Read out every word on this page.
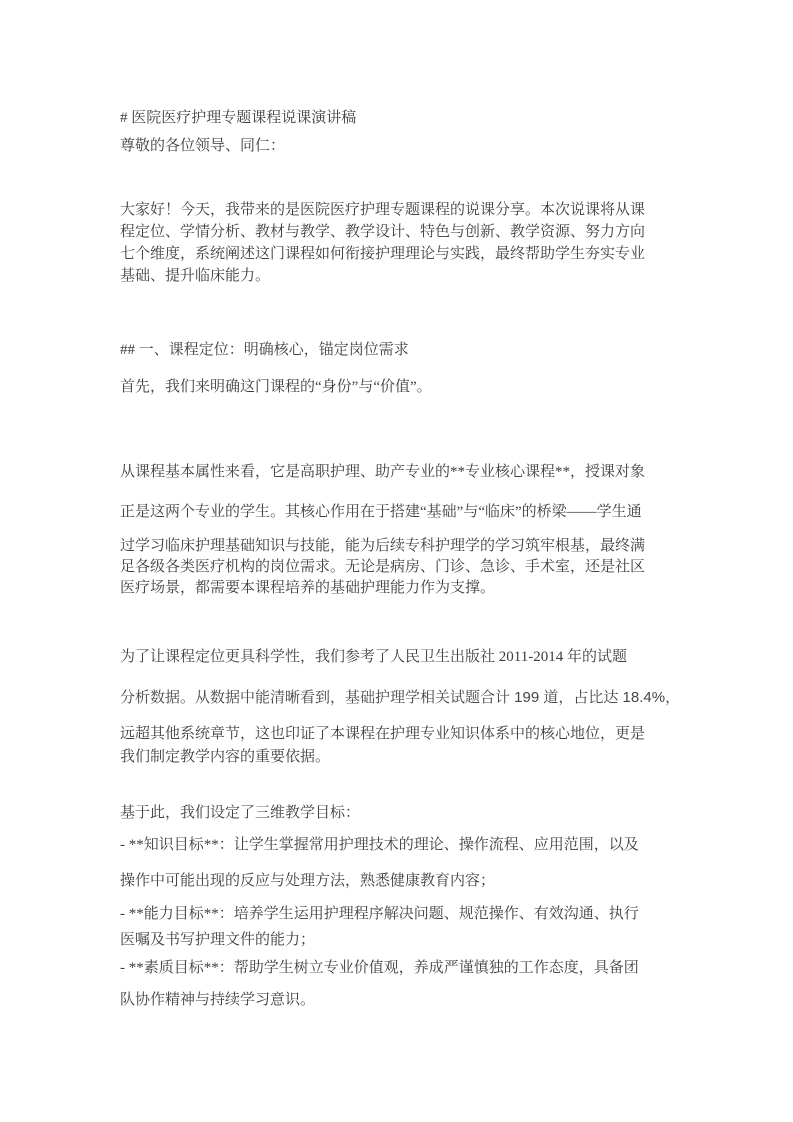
# 医院医疗护理专题课程说课演讲稿
尊敬的各位领导、同仁：
大家好！今天，我带来的是医院医疗护理专题课程的说课分享。本次说课将从课
程定位、学情分析、教材与教学、教学设计、特色与创新、教学资源、努力方向
七个维度，系统阐述这门课程如何衔接护理理论与实践，最终帮助学生夯实专业
基础、提升临床能力。
## 一、课程定位：明确核心，锚定岗位需求
首先，我们来明确这门课程的“身份”与“价值”。
从课程基本属性来看，它是高职护理、助产专业的**专业核心课程**，授课对象
正是这两个专业的学生。其核心作用在于搭建“基础”与“临床”的桥梁——学生通
过学习临床护理基础知识与技能，能为后续专科护理学的学习筑牢根基，最终满
足各级各类医疗机构的岗位需求。无论是病房、门诊、急诊、手术室，还是社区
医疗场景，都需要本课程培养的基础护理能力作为支撑。
为了让课程定位更具科学性，我们参考了人民卫生出版社 2011-2014 年的试题
分析数据。从数据中能清晰看到，基础护理学相关试题合计 199 道，占比达 18.4%，
远超其他系统章节，这也印证了本课程在护理专业知识体系中的核心地位，更是
我们制定教学内容的重要依据。
基于此，我们设定了三维教学目标：
- **知识目标**：让学生掌握常用护理技术的理论、操作流程、应用范围，以及
操作中可能出现的反应与处理方法，熟悉健康教育内容；
- **能力目标**：培养学生运用护理程序解决问题、规范操作、有效沟通、执行
医嘱及书写护理文件的能力；
- **素质目标**：帮助学生树立专业价值观，养成严谨慎独的工作态度，具备团
队协作精神与持续学习意识。
